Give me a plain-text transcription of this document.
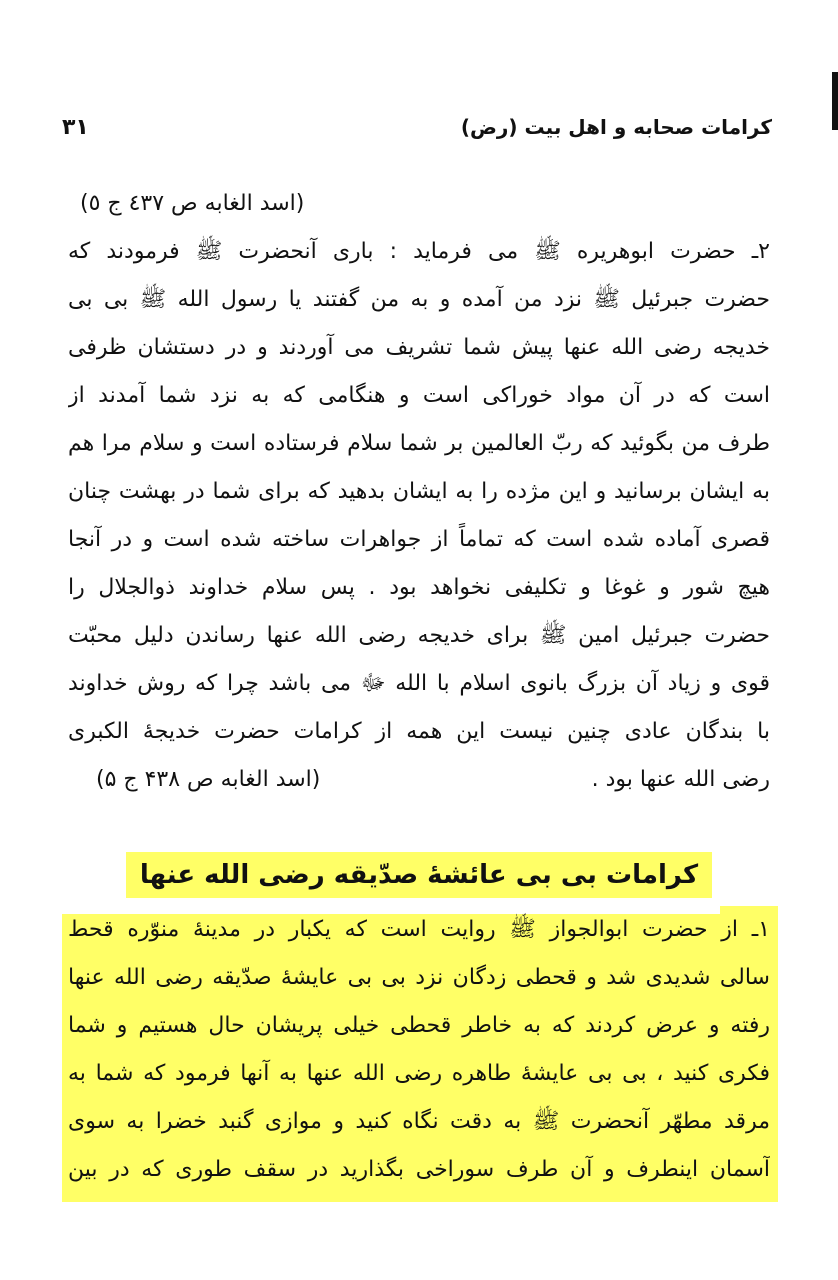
کرامات صحابه و اهل بیت (رض)
۳۱
(اسد الغابه ص ٤٣٧ ج ٥)
۲ـ حضرت ابوهریره ﷺ می فرماید : باری آنحضرت ﷺ فرمودند که
حضرت جبرئیل ﷺ نزد من آمده و به من گفتند یا رسول الله ﷺ بی بی
خدیجه رضی الله عنها پیش شما تشریف می آوردند و در دستشان ظرفی
است که در آن مواد خوراکی است و هنگامی که به نزد شما آمدند از
طرف من بگوئید که ربّ العالمین بر شما سلام فرستاده است و سلام مرا هم
به ایشان برسانید و این مژده را به ایشان بدهید که برای شما در بهشت چنان
قصری آماده شده است که تماماً از جواهرات ساخته شده است و در آنجا
هیچ شور و غوغا و تکلیفی نخواهد بود . پس سلام خداوند ذوالجلال را
حضرت جبرئیل امین ﷺ برای خدیجه رضی الله عنها رساندن دلیل محبّت
قوی و زیاد آن بزرگ بانوی اسلام با الله ﷻ می باشد چرا که روش خداوند
با بندگان عادی چنین نیست این همه از کرامات حضرت خدیجۀ الکبری
رضی الله عنها بود .
(اسد الغابه ص ۴۳۸ ج ۵)
کرامات بی بی عائشۀ صدّیقه رضی الله عنها
۱ـ از حضرت ابوالجواز ﷺ روایت است که یکبار در مدینۀ منوّره قحط
سالی شدیدی شد و قحطی زدگان نزد بی بی عایشۀ صدّیقه رضی الله عنها
رفته و عرض کردند که به خاطر قحطی خیلی پریشان حال هستیم و شما
فکری کنید ، بی بی عایشۀ طاهره رضی الله عنها به آنها فرمود که شما به
مرقد مطهّر آنحضرت ﷺ به دقت نگاه کنید و موازی گنبد خضرا به سوی
آسمان اینطرف و آن طرف سوراخی بگذارید در سقف طوری که در بین
